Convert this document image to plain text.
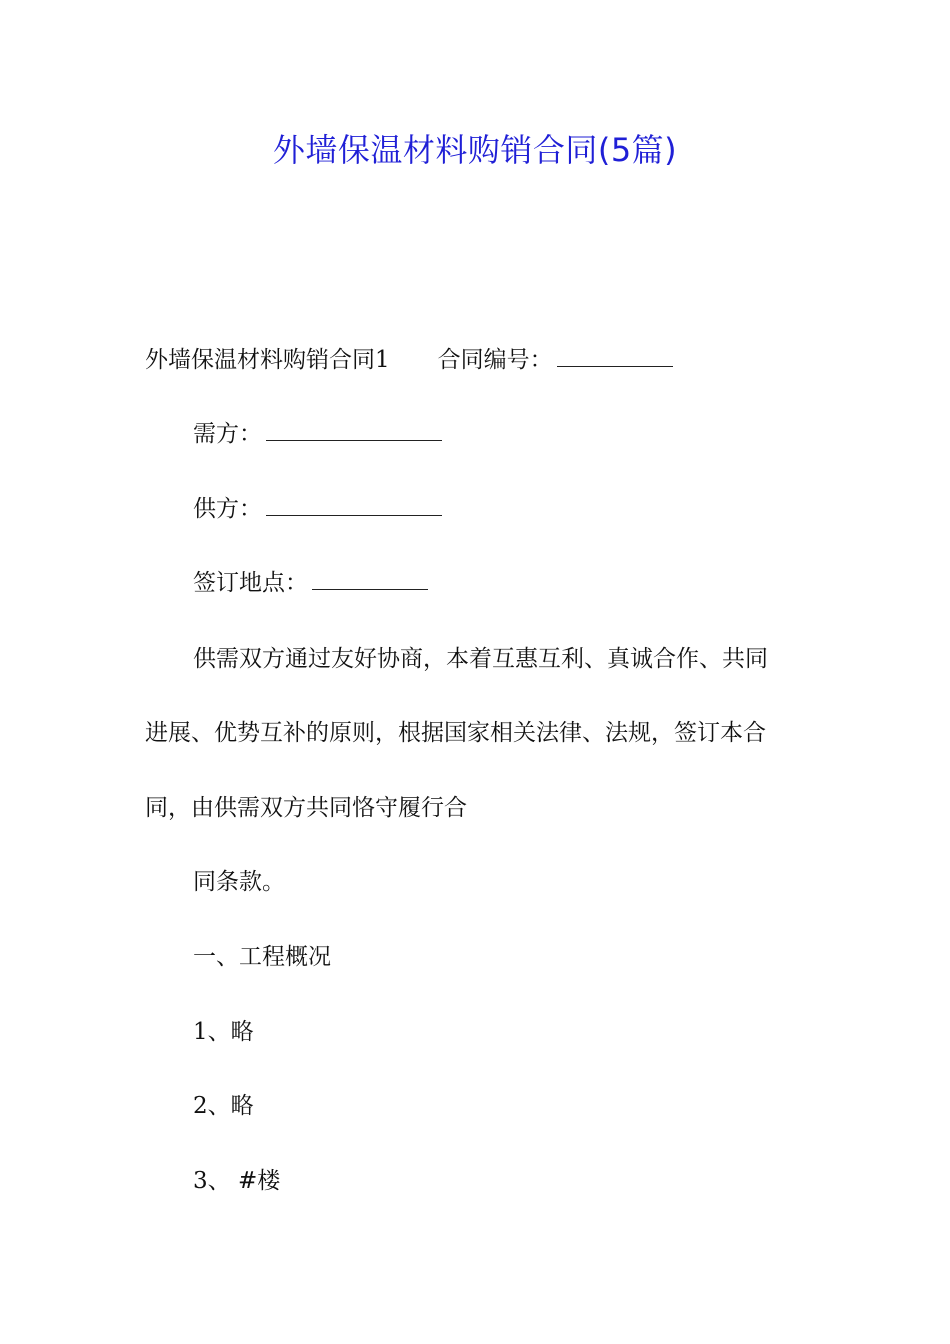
外墙保温材料购销合同(5篇)
外墙保温材料购销合同1 合同编号：
需方：
供方：
签订地点：
供需双方通过友好协商，本着互惠互利、真诚合作、共同
进展、优势互补的原则，根据国家相关法律、法规，签订本合
同，由供需双方共同恪守履行合
同条款。
一、工程概况
1、略
2、略
3、 #楼
